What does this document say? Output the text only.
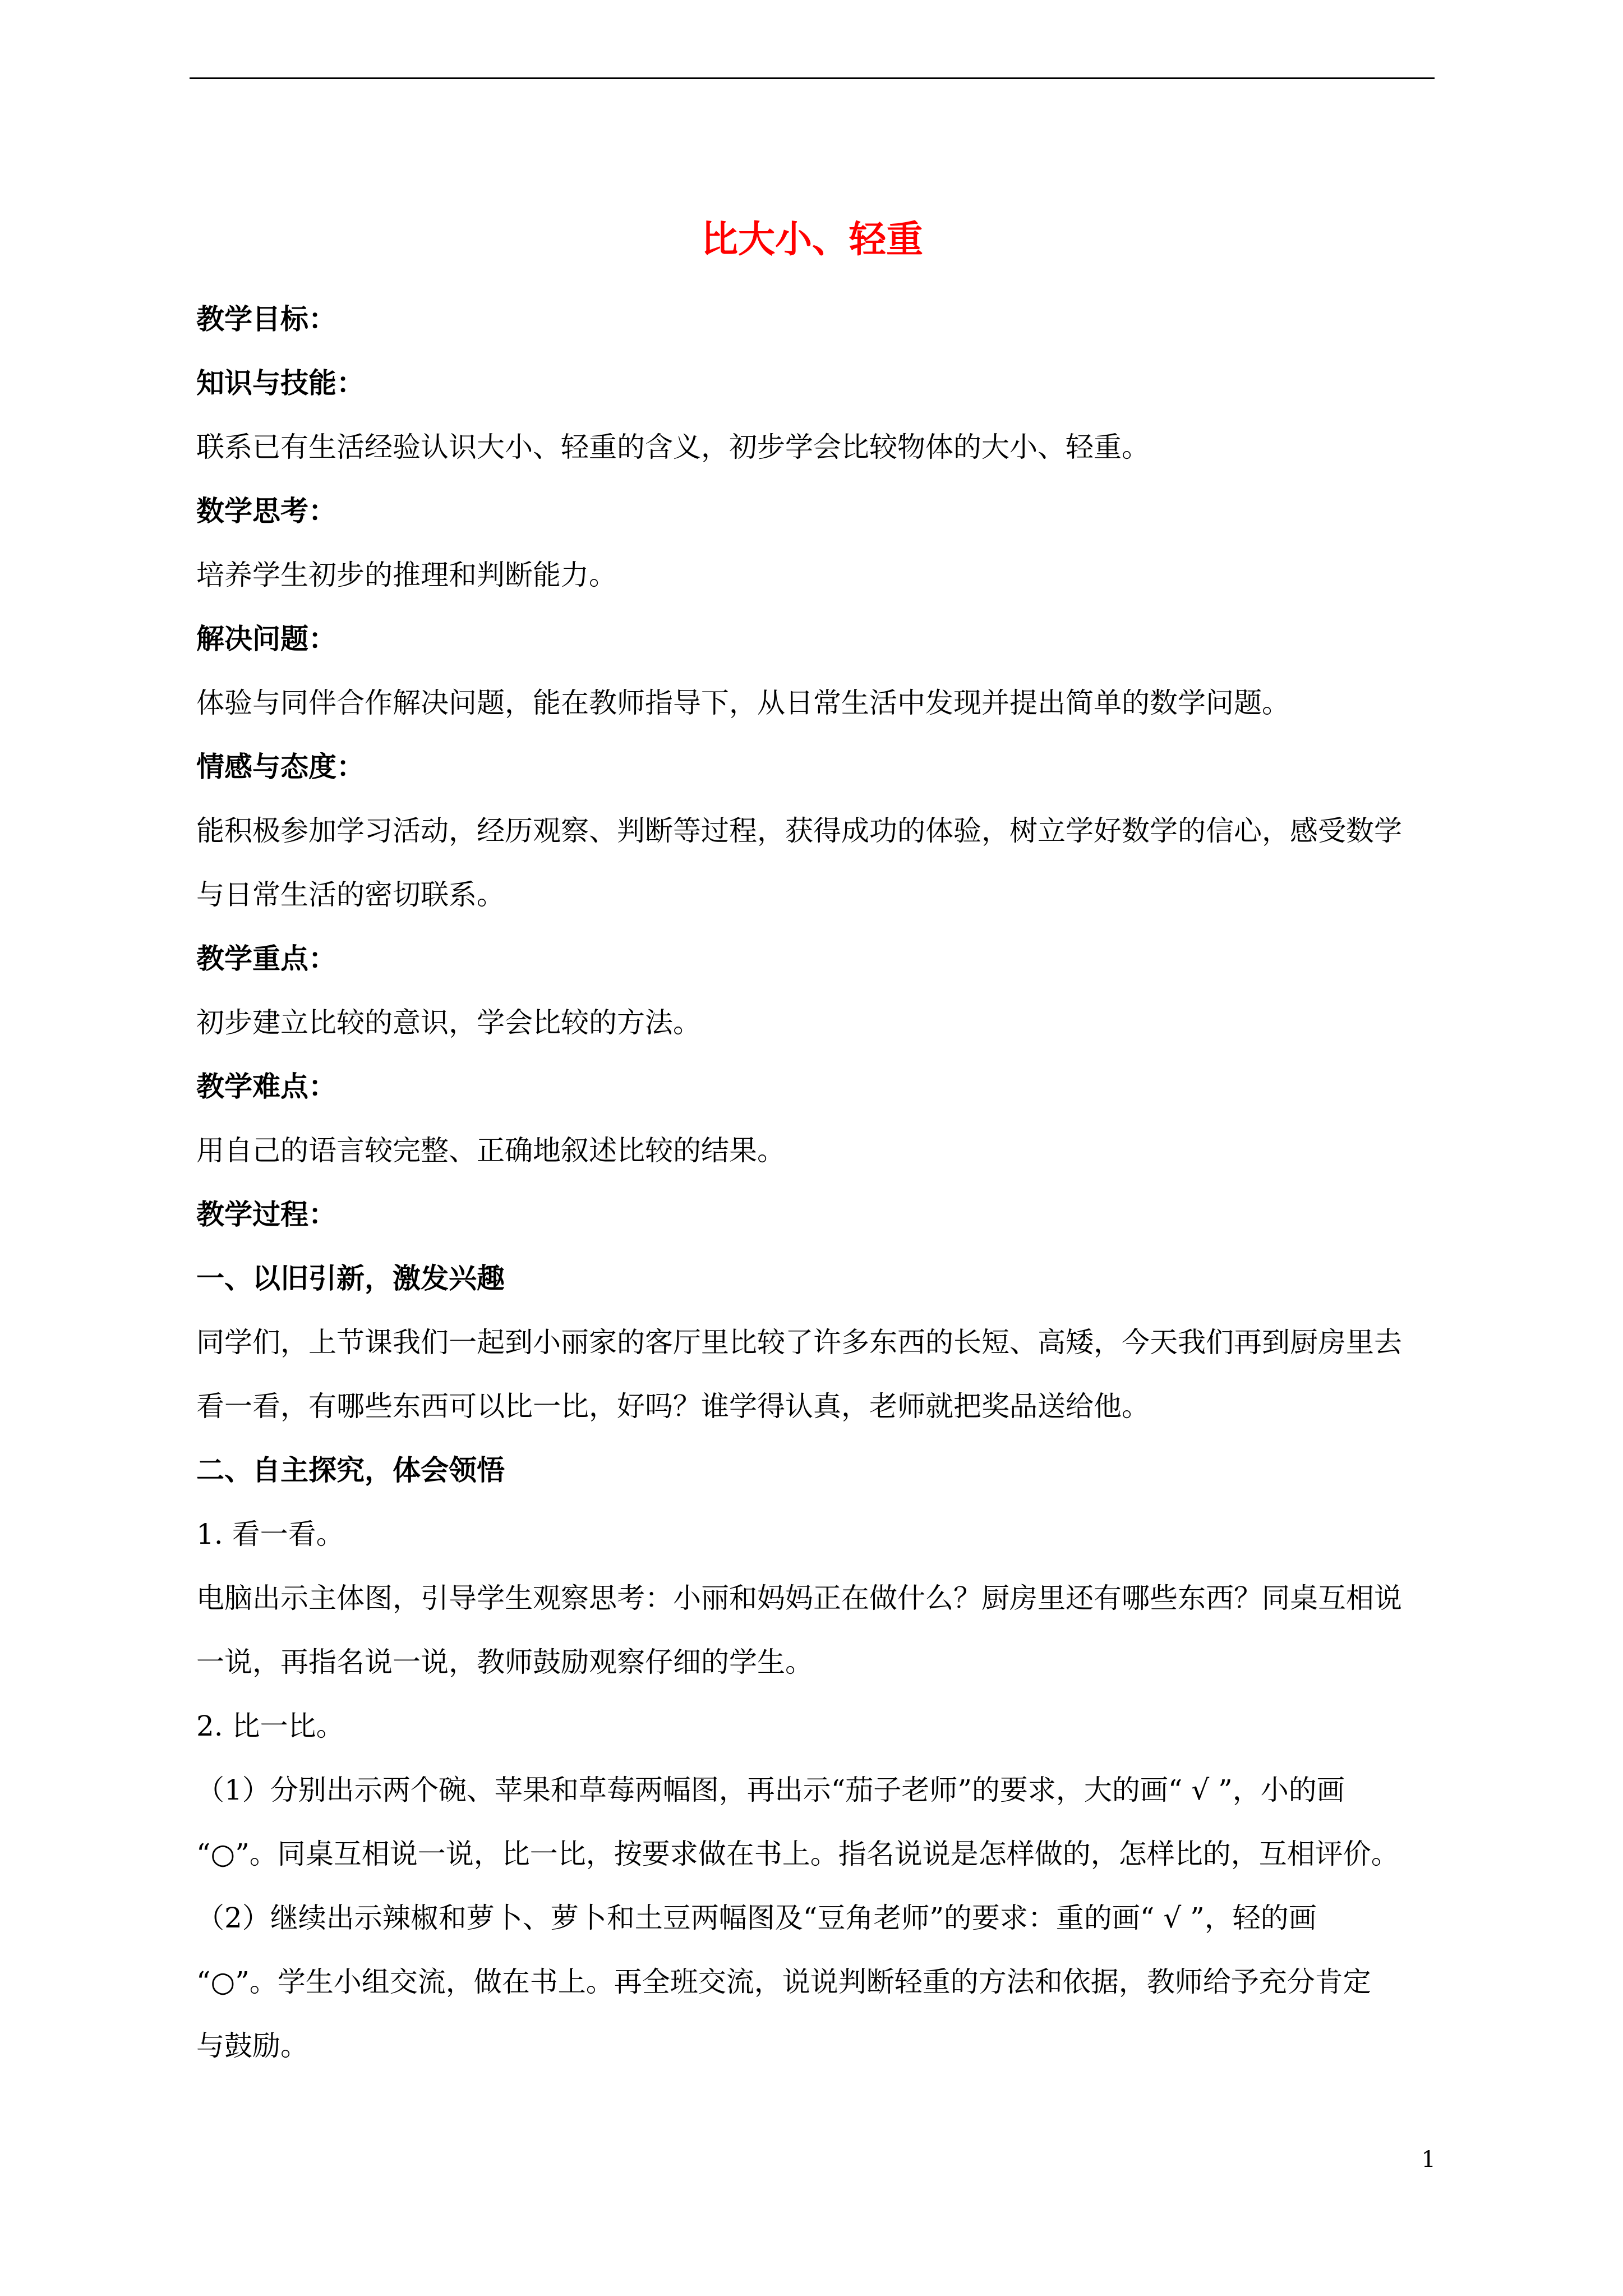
比大小、轻重

教学目标：

知识与技能：

联系已有生活经验认识大小、轻重的含义，初步学会比较物体的大小、轻重。

数学思考：

培养学生初步的推理和判断能力。

解决问题：

体验与同伴合作解决问题，能在教师指导下，从日常生活中发现并提出简单的数学问题。

情感与态度：

能积极参加学习活动，经历观察、判断等过程，获得成功的体验，树立学好数学的信心，感受数学

与日常生活的密切联系。

教学重点：

初步建立比较的意识，学会比较的方法。

教学难点：

用自己的语言较完整、正确地叙述比较的结果。

教学过程：

一、以旧引新，激发兴趣

同学们，上节课我们一起到小丽家的客厅里比较了许多东西的长短、高矮，今天我们再到厨房里去

看一看，有哪些东西可以比一比，好吗？谁学得认真，老师就把奖品送给他。

二、自主探究，体会领悟

1. 看一看。

电脑出示主体图，引导学生观察思考：小丽和妈妈正在做什么？厨房里还有哪些东西？同桌互相说

一说，再指名说一说，教师鼓励观察仔细的学生。

2. 比一比。

（1）分别出示两个碗、苹果和草莓两幅图，再出示“茄子老师”的要求，大的画“ √ ”，小的画

“○”。同桌互相说一说，比一比，按要求做在书上。指名说说是怎样做的，怎样比的，互相评价。

（2）继续出示辣椒和萝卜、萝卜和土豆两幅图及“豆角老师”的要求：重的画“ √ ”，轻的画

“○”。学生小组交流，做在书上。再全班交流，说说判断轻重的方法和依据，教师给予充分肯定

与鼓励。

1
